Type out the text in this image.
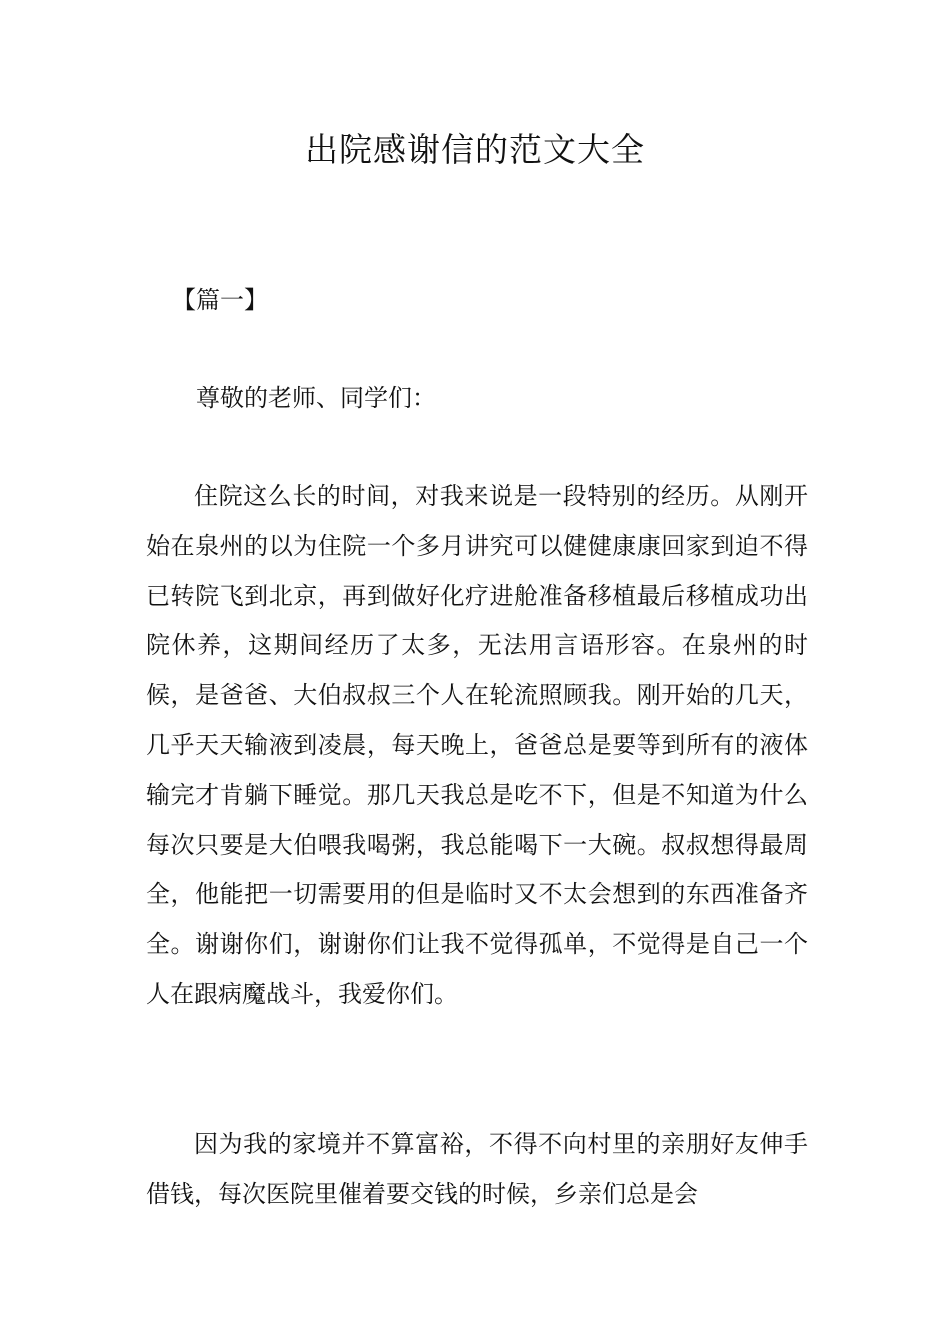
出院感谢信的范文大全
【篇一】
尊敬的老师、同学们：

住院这么长的时间，对我来说是一段特别的经历。从刚开始在泉州的以为住院一个多月讲究可以健健康康回家到迫不得已转院飞到北京，再到做好化疗进舱准备移植最后移植成功出院休养，这期间经历了太多，无法用言语形容。在泉州的时候，是爸爸、大伯叔叔三个人在轮流照顾我。刚开始的几天，几乎天天输液到凌晨，每天晚上，爸爸总是要等到所有的液体输完才肯躺下睡觉。那几天我总是吃不下，但是不知道为什么每次只要是大伯喂我喝粥，我总能喝下一大碗。叔叔想得最周全，他能把一切需要用的但是临时又不太会想到的东西准备齐全。谢谢你们，谢谢你们让我不觉得孤单，不觉得是自己一个人在跟病魔战斗，我爱你们。

因为我的家境并不算富裕，不得不向村里的亲朋好友伸手借钱，每次医院里催着要交钱的时候，乡亲们总是会
